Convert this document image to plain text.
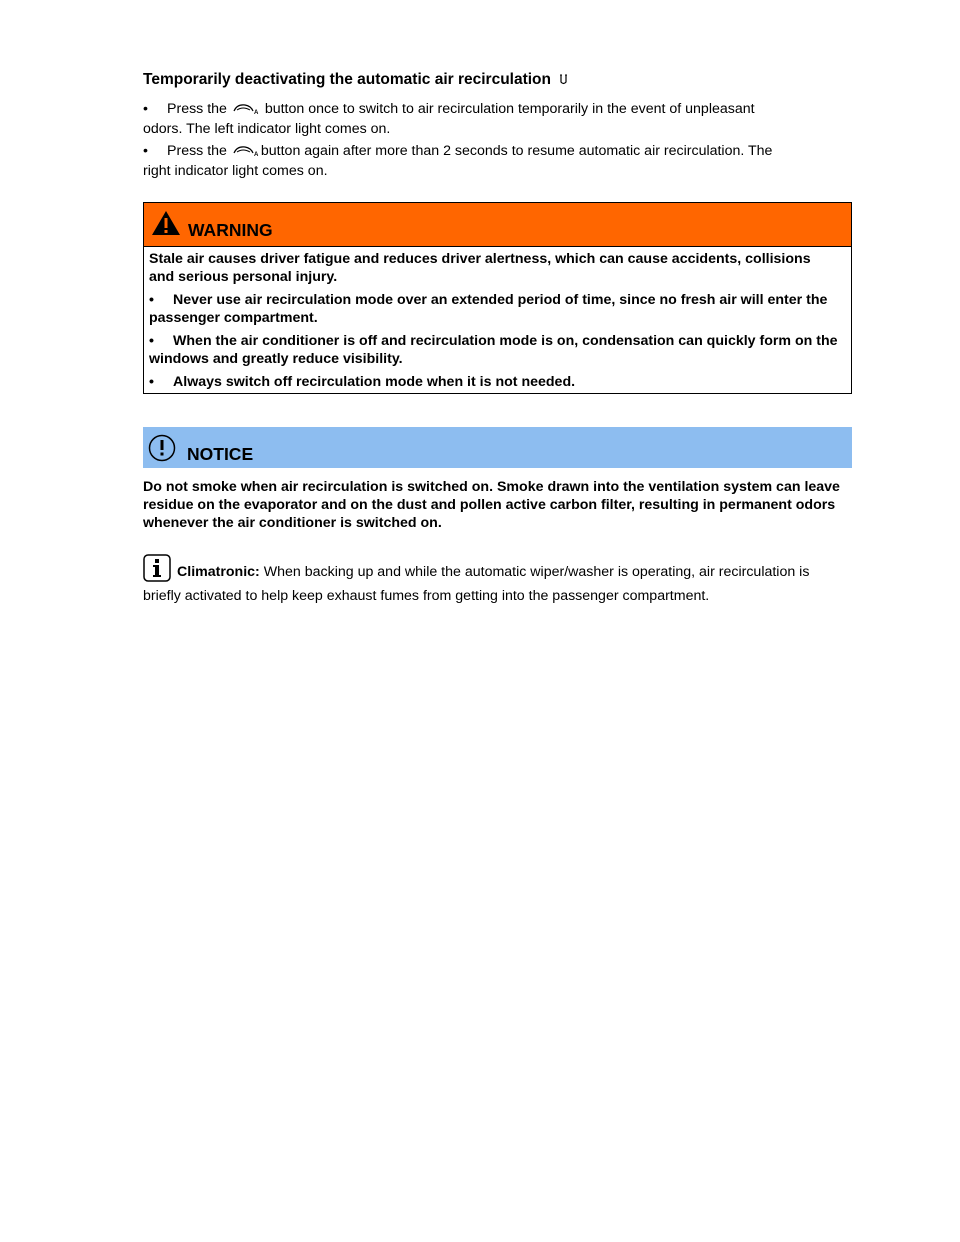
Temporarily deactivating the automatic air recirculation
• Press the	A button once to switch to air recirculation temporarily in the event of unpleasant
odors. The left indicator light comes on.
• Press the	A button again after more than 2 seconds to resume automatic air recirculation. The
right indicator light comes on.
WARNING

Stale air causes driver fatigue and reduces driver alertness, which can cause accidents, collisions and serious personal injury.

• Never use air recirculation mode over an extended period of time, since no fresh air will enter the passenger compartment.

• When the air conditioner is off and recirculation mode is on, condensation can quickly form on the windows and greatly reduce visibility.

• Always switch off recirculation mode when it is not needed.

NOTICE
Do not smoke when air recirculation is switched on. Smoke drawn into the ventilation system can leave residue on the evaporator and on the dust and pollen active carbon filter, resulting in permanent odors whenever the air conditioner is switched on.
Climatronic: When backing up and while the automatic wiper/washer is operating, air recirculation is briefly activated to help keep exhaust fumes from getting into the passenger compartment.
